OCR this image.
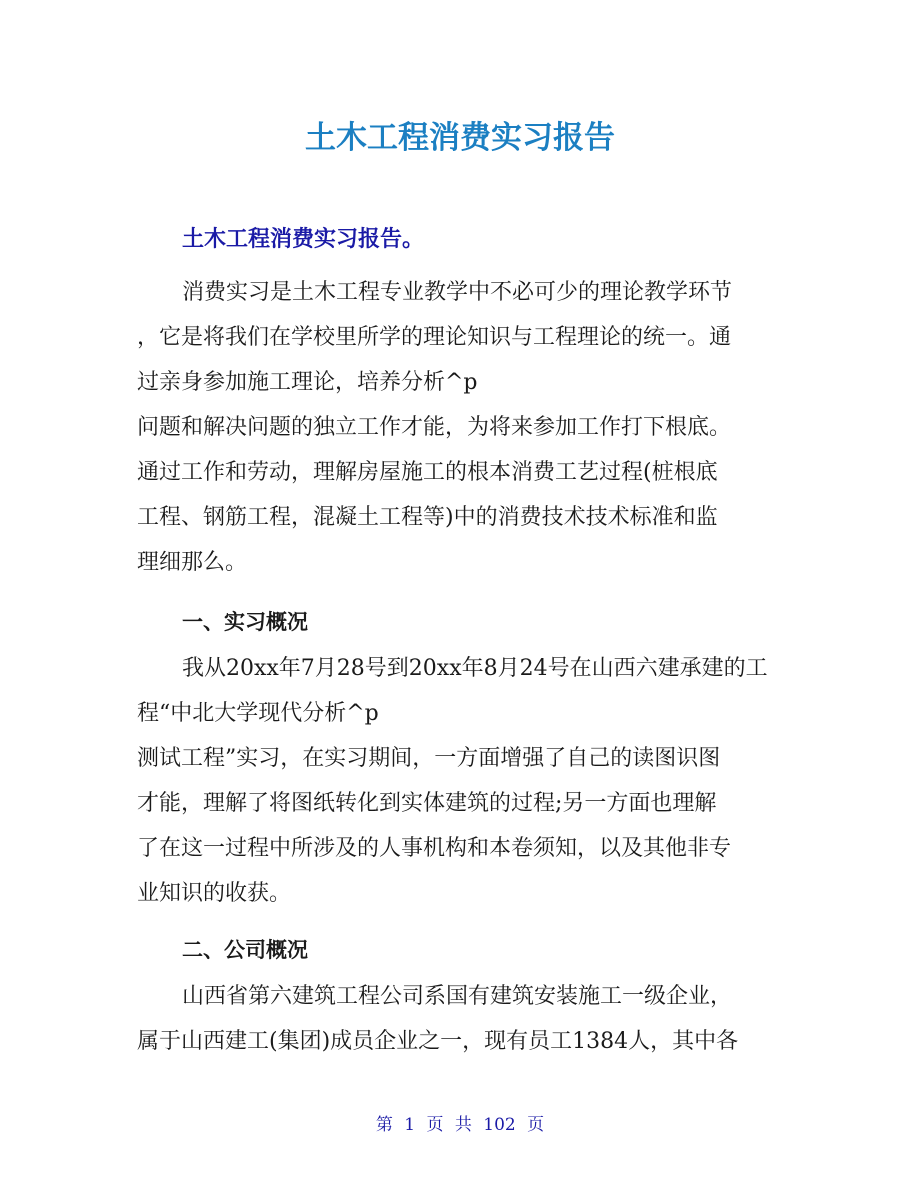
土木工程消费实习报告
土木工程消费实习报告。
消费实习是土木工程专业教学中不必可少的理论教学环节
，它是将我们在学校里所学的理论知识与工程理论的统一。通
过亲身参加施工理论，培养分析^p
问题和解决问题的独立工作才能，为将来参加工作打下根底。
通过工作和劳动，理解房屋施工的根本消费工艺过程(桩根底
工程、钢筋工程，混凝土工程等)中的消费技术技术标准和监
理细那么。
一、实习概况
我从20xx年7月28号到20xx年8月24号在山西六建承建的工
程“中北大学现代分析^p
测试工程”实习，在实习期间，一方面增强了自己的读图识图
才能，理解了将图纸转化到实体建筑的过程;另一方面也理解
了在这一过程中所涉及的人事机构和本卷须知，以及其他非专
业知识的收获。
二、公司概况
山西省第六建筑工程公司系国有建筑安装施工一级企业，
属于山西建工(集团)成员企业之一，现有员工1384人，其中各
第 1 页 共 102 页
